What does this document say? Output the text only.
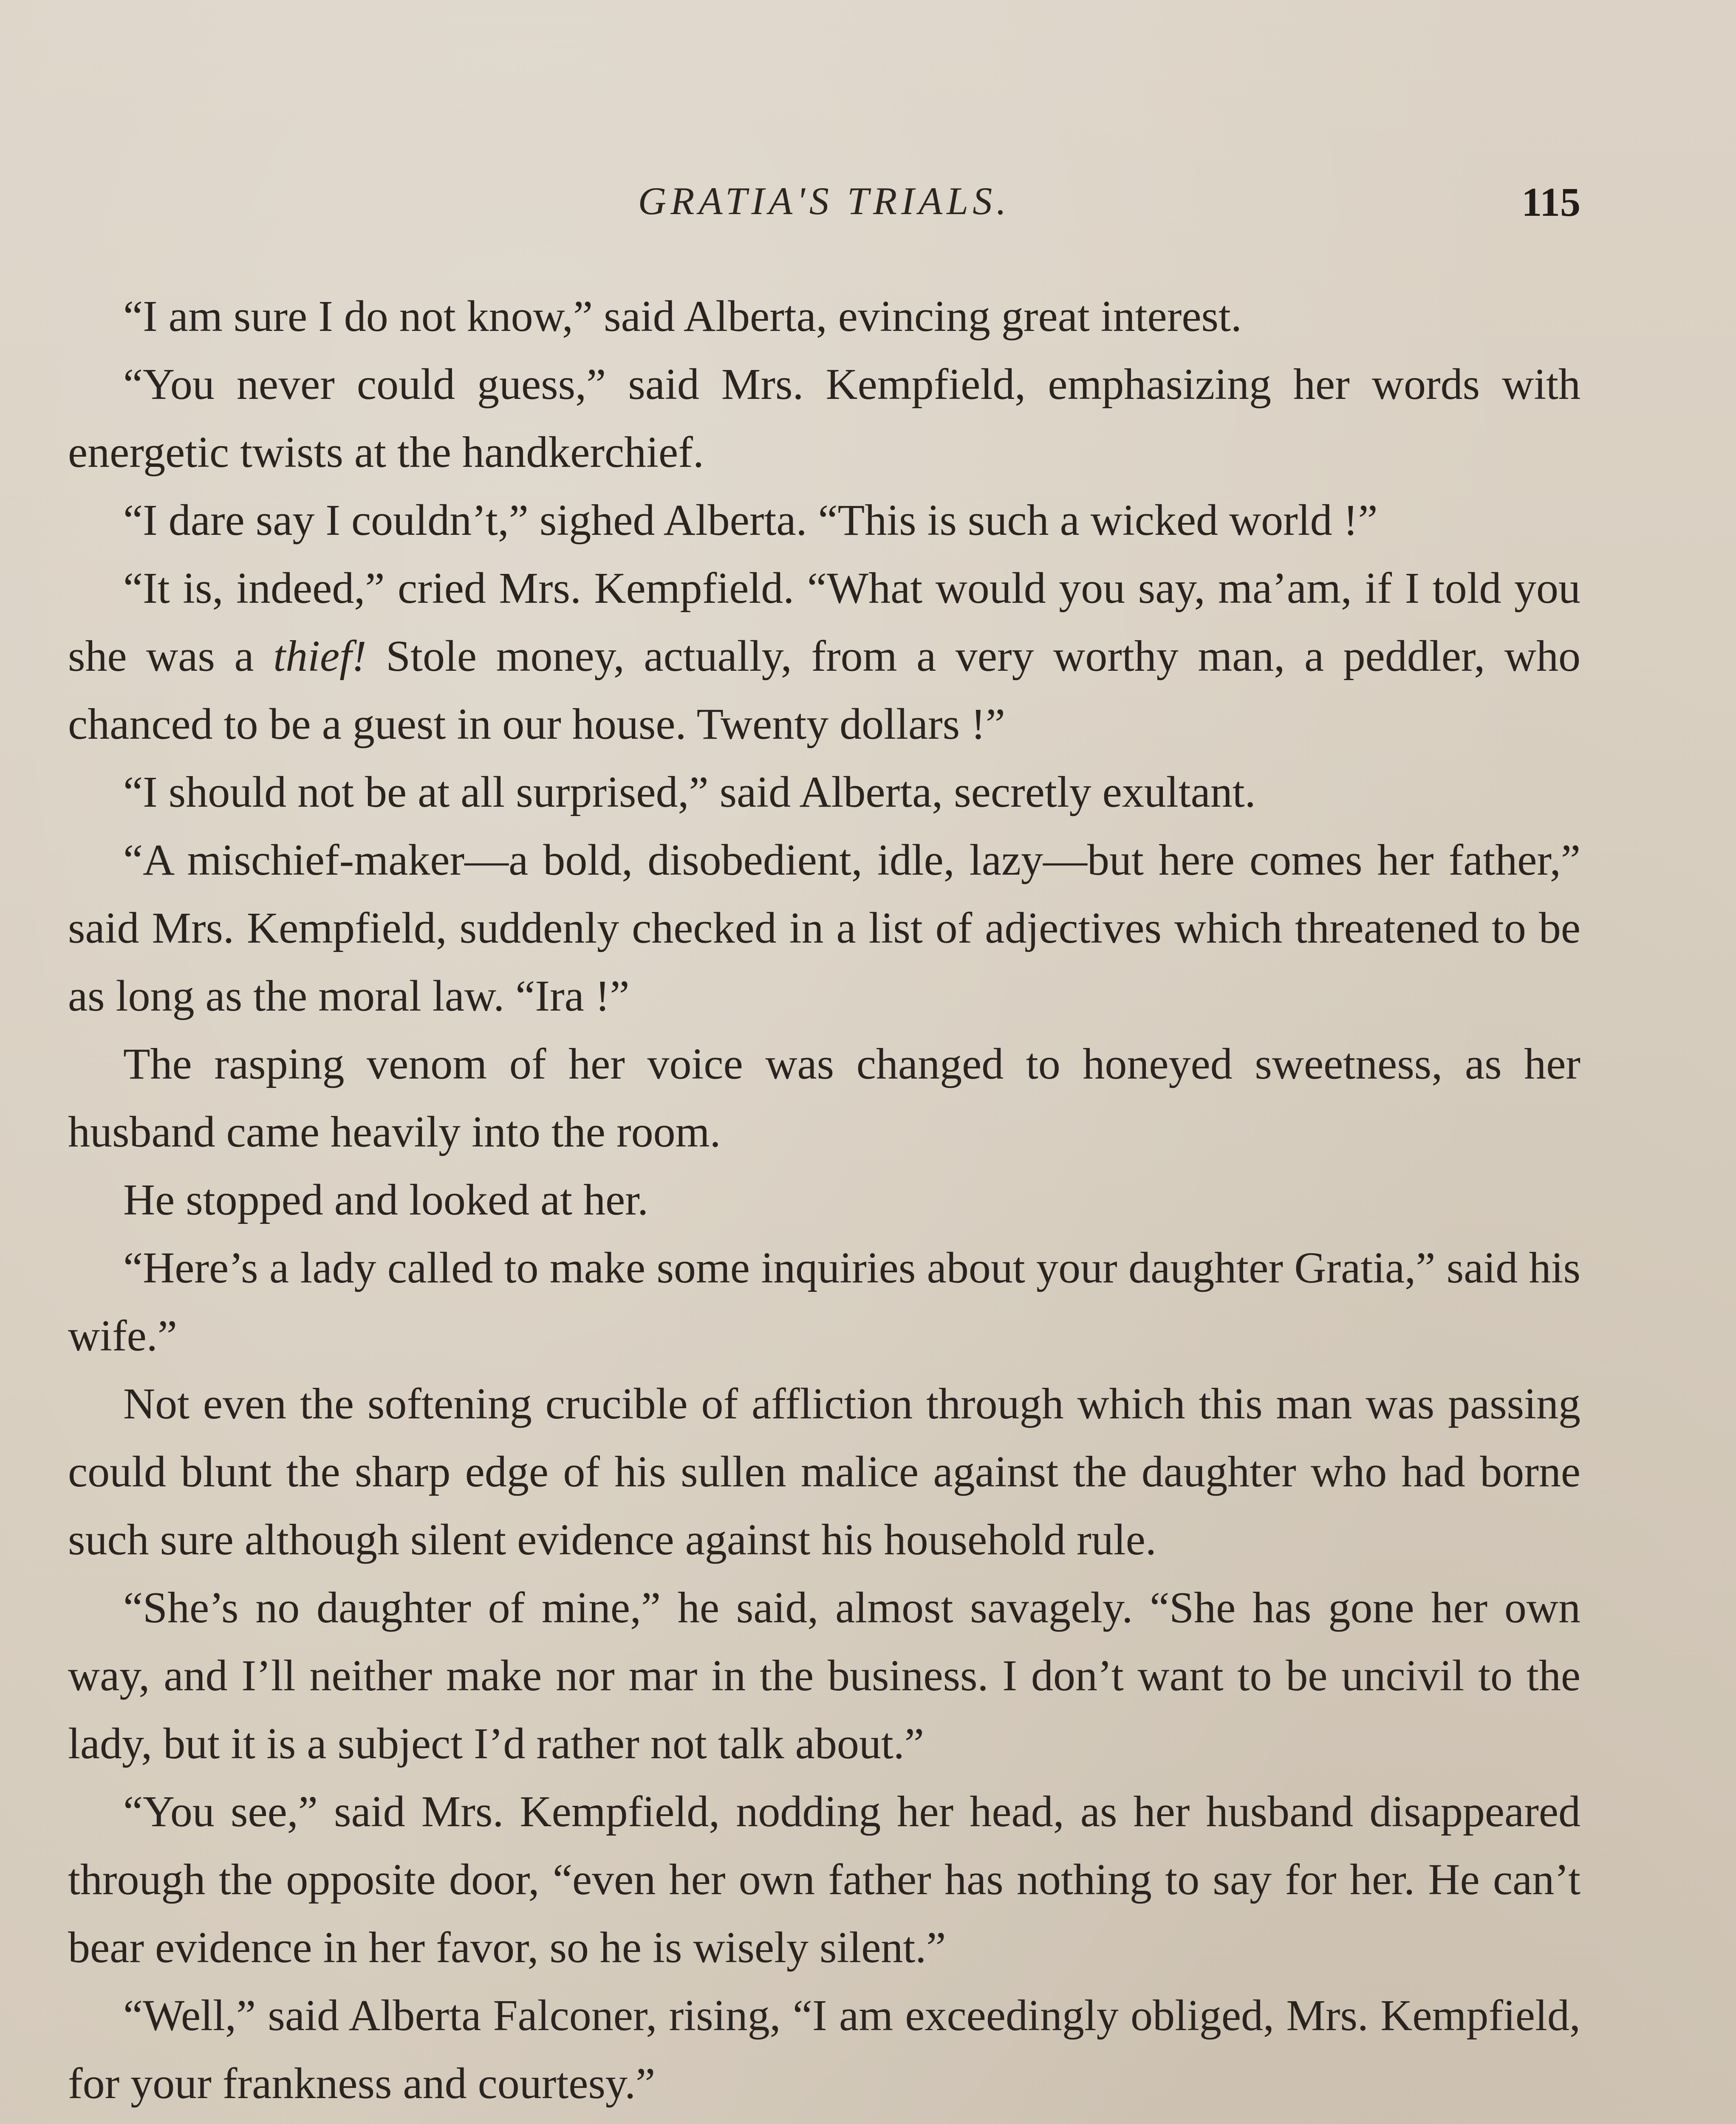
GRATIA'S TRIALS.	115

“I am sure I do not know,” said Alberta, evincing great interest.

“You never could guess,” said Mrs. Kempfield, emphasizing her words with energetic twists at the handkerchief.

“I dare say I couldn’t,” sighed Alberta. “This is such a wicked world !”

“It is, indeed,” cried Mrs. Kempfield. “What would you say, ma’am, if I told you she was a thief! Stole money, actually, from a very worthy man, a peddler, who chanced to be a guest in our house. Twenty dollars !”

“I should not be at all surprised,” said Alberta, secretly exultant.

“A mischief-maker—a bold, disobedient, idle, lazy—but here comes her father,” said Mrs. Kempfield, suddenly checked in a list of adjectives which threatened to be as long as the moral law. “Ira !”

The rasping venom of her voice was changed to honeyed sweetness, as her husband came heavily into the room.

He stopped and looked at her.

“Here’s a lady called to make some inquiries about your daughter Gratia,” said his wife.”

Not even the softening crucible of affliction through which this man was passing could blunt the sharp edge of his sullen malice against the daughter who had borne such sure although silent evidence against his household rule.

“She’s no daughter of mine,” he said, almost savagely. “She has gone her own way, and I’ll neither make nor mar in the business. I don’t want to be uncivil to the lady, but it is a subject I’d rather not talk about.”

“You see,” said Mrs. Kempfield, nodding her head, as her husband disappeared through the opposite door, “even her own father has nothing to say for her. He can’t bear evidence in her favor, so he is wisely silent.”

“Well,” said Alberta Falconer, rising, “I am exceedingly obliged, Mrs. Kempfield, for your frankness and courtesy.”
